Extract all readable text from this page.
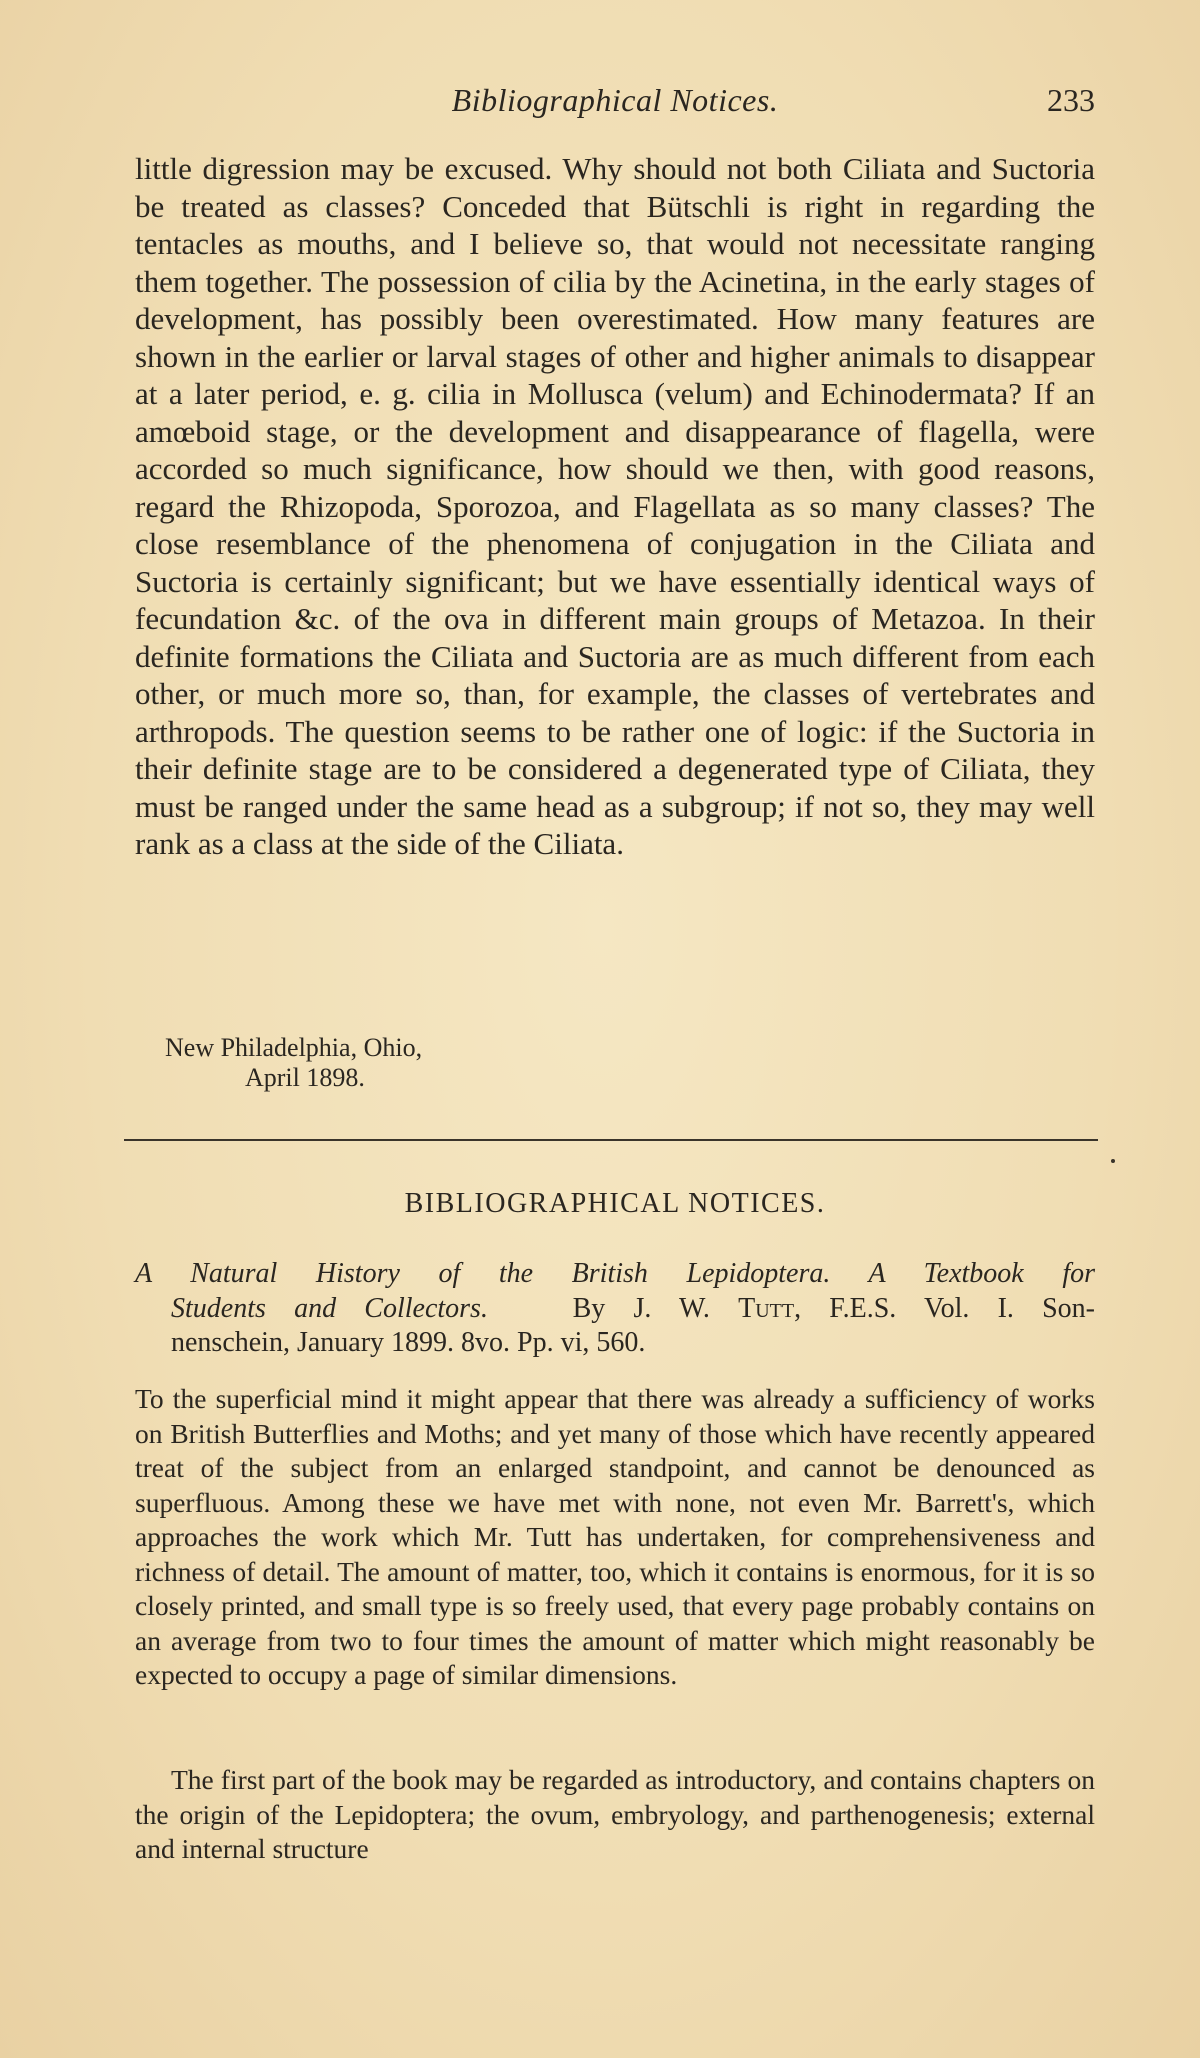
Bibliographical Notices.	233

little digression may be excused. Why should not both Ciliata and Suctoria be treated as classes? Conceded that Bütschli is right in regarding the tentacles as mouths, and I believe so, that would not necessitate ranging them together. The possession of cilia by the Acinetina, in the early stages of development, has possibly been overestimated. How many features are shown in the earlier or larval stages of other and higher animals to disappear at a later period, e. g. cilia in Mollusca (velum) and Echinodermata? If an amœboid stage, or the development and disappearance of flagella, were accorded so much significance, how should we then, with good reasons, regard the Rhizopoda, Sporozoa, and Flagellata as so many classes? The close resemblance of the phenomena of conjugation in the Ciliata and Suctoria is certainly significant; but we have essentially identical ways of fecundation &c. of the ova in different main groups of Metazoa. In their definite formations the Ciliata and Suctoria are as much different from each other, or much more so, than, for example, the classes of vertebrates and arthropods. The question seems to be rather one of logic: if the Suctoria in their definite stage are to be considered a degenerated type of Ciliata, they must be ranged under the same head as a subgroup; if not so, they may well rank as a class at the side of the Ciliata.

New Philadelphia, Ohio,
April 1898.
BIBLIOGRAPHICAL NOTICES.
A Natural History of the British Lepidoptera. A Textbook for
Students and Collectors.	By J. W. Tutt, F.E.S. Vol. I. Son-
nenschein, January 1899. 8vo. Pp. vi, 560.

To the superficial mind it might appear that there was already a sufficiency of works on British Butterflies and Moths; and yet many of those which have recently appeared treat of the subject from an enlarged standpoint, and cannot be denounced as superfluous. Among these we have met with none, not even Mr. Barrett's, which approaches the work which Mr. Tutt has undertaken, for comprehensiveness and richness of detail. The amount of matter, too, which it contains is enormous, for it is so closely printed, and small type is so freely used, that every page probably contains on an average from two to four times the amount of matter which might reasonably be expected to occupy a page of similar dimensions.

The first part of the book may be regarded as introductory, and contains chapters on the origin of the Lepidoptera; the ovum, embryology, and parthenogenesis; external and internal structure
